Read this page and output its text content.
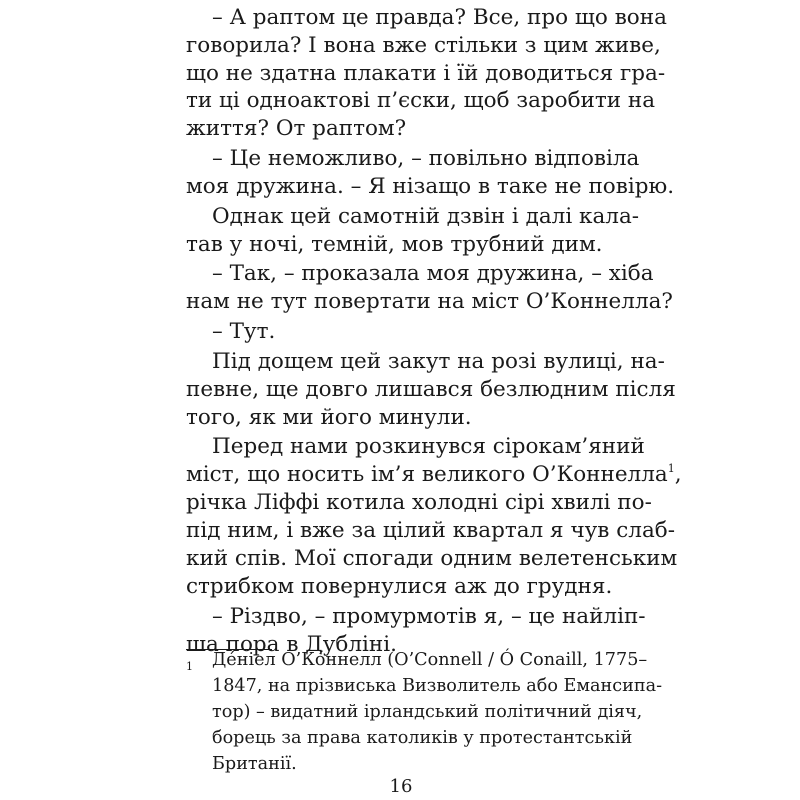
– А раптом це правда? Все, про що вона
говорила? І вона вже стільки з цим живе,
що не здатна плакати і їй доводиться гра-
ти ці одноактові п’єски, щоб заробити на
життя? От раптом?
– Це неможливо, – повільно відповіла
моя дружина. – Я нізащо в таке не повірю.
Однак цей самотній дзвін і далі кала-
тав у ночі, темній, мов трубний дим.
– Так, – проказала моя дружина, – хіба
нам не тут повертати на міст О’Коннелла?
– Тут.
Під дощем цей закут на розі вулиці, на-
певне, ще довго лишався безлюдним після
того, як ми його минули.
Перед нами розкинувся сірокам’яний
міст, що носить ім’я великого О’Коннелла$^1$,
річка Ліффі котила холодні сірі хвилі по-
під ним, і вже за цілий квартал я чув слаб-
кий спів. Мої спогади одним велетенським
стрибком повернулися аж до грудня.
– Різдво, – промурмотів я, – це найліп-
ша пора в Дубліні.
1 Де́ніел О’Ко́ннелл (O’Connell / Ó Conaill, 1775–
1847, на прізвиська Визволитель або Емансипа-
тор) – видатний ірландський політичний діяч,
борець за права католиків у протестантській
Британії.
16
